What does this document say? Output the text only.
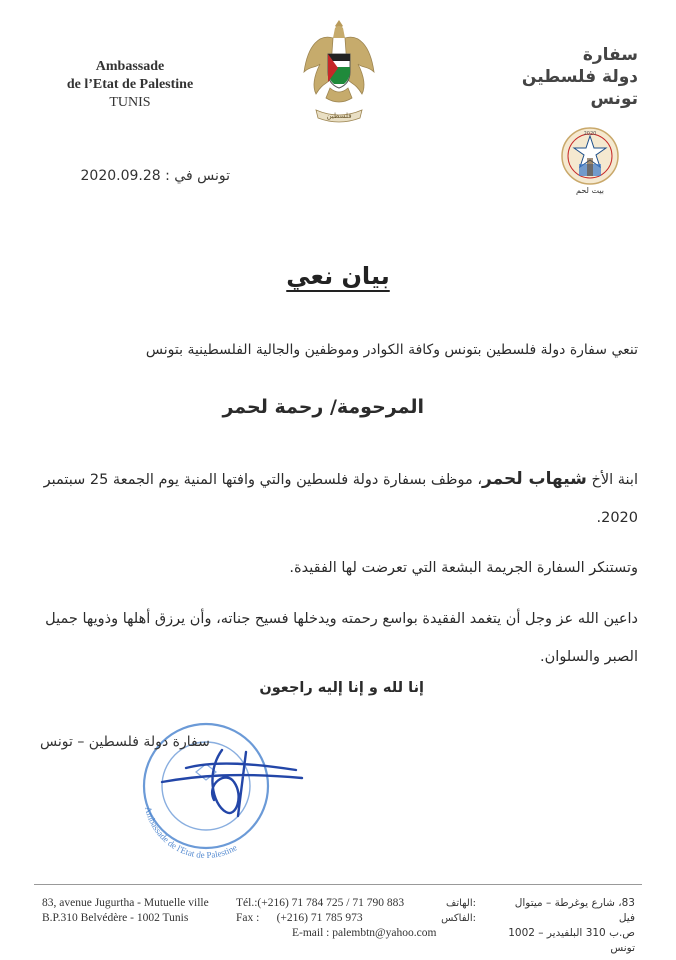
Ambassade
de l’Etat de Palestine
TUNIS
فلسطين
سفارة
دولة فلسطين
تونس
2020
بيت لحم
تونس في : 2020.09.28
بيان نعي
تنعي سفارة دولة فلسطين بتونس وكافة الكوادر وموظفين والجالية الفلسطينية بتونس
المرحومة/ رحمة لحمر
ابنة الأخ شيهاب لحمر، موظف بسفارة دولة فلسطين والتي وافتها المنية يوم الجمعة 25 سبتمبر 2020.
وتستنكر السفارة الجريمة البشعة التي تعرضت لها الفقيدة.
داعين الله عز وجل أن يتغمد الفقيدة بواسع رحمته ويدخلها فسيح جناته، وأن يرزق أهلها وذويها جميل الصبر والسلوان.
إنا لله و إنا إليه راجعون
Ambassade de l'Etat de Palestine
سفارة دولة فلسطين – تونس
83, avenue Jugurtha - Mutuelle ville
B.P.310 Belvédère - 1002 Tunis
Tél.:(+216) 71 784 725 / 71 790 883	الهاتف:
Fax : (+216) 71 785 973	الفاكس:
E-mail : palembtn@yahoo.com
83، شارع يوغرطة – ميتوال فيل
ص.ب 310 البلفيدير – 1002 تونس
